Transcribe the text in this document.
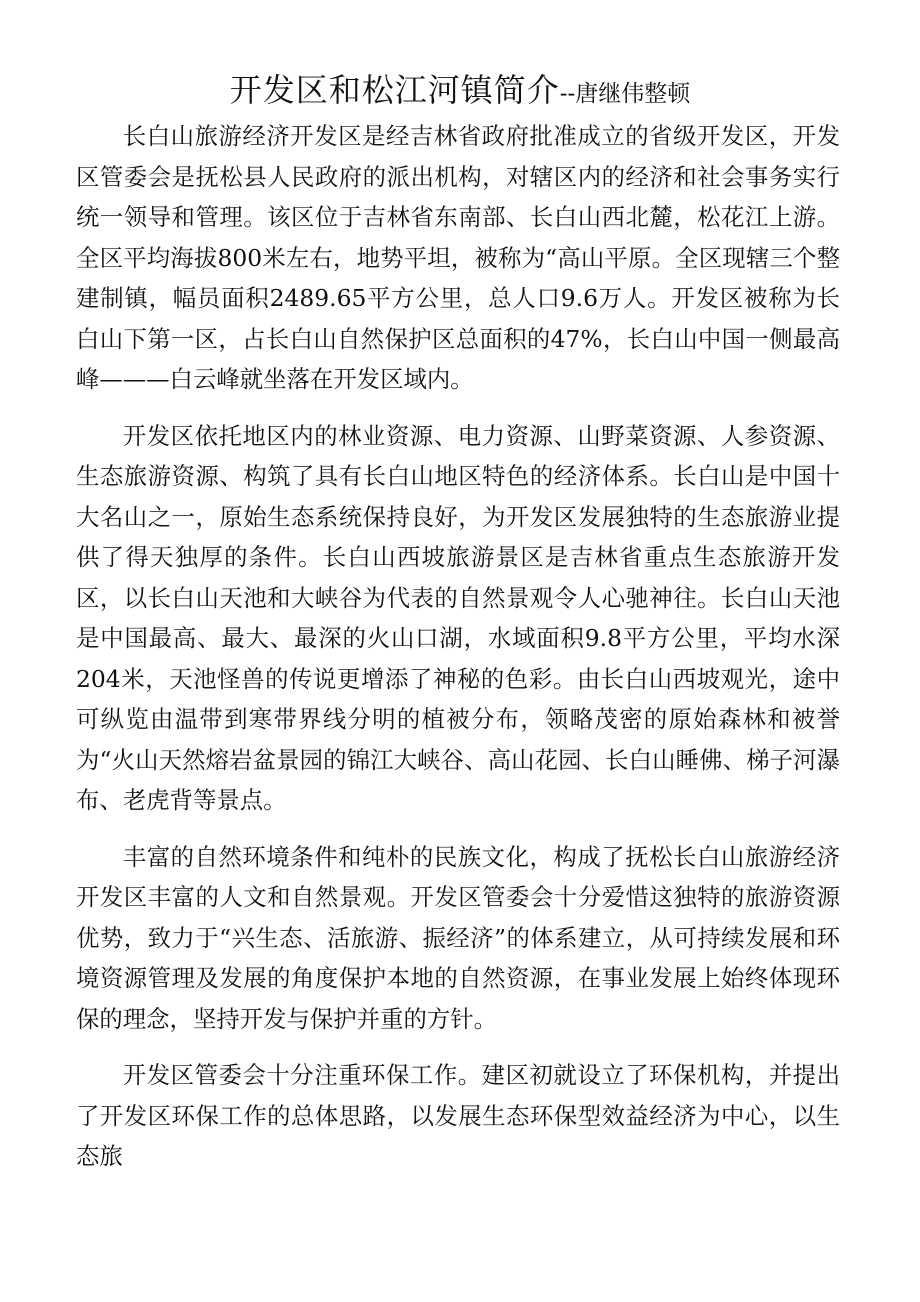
开发区和松江河镇简介--唐继伟整顿

长白山旅游经济开发区是经吉林省政府批准成立的省级开发区，开发区管委会是抚松县人民政府的派出机构，对辖区内的经济和社会事务实行统一领导和管理。该区位于吉林省东南部、长白山西北麓，松花江上游。全区平均海拔800米左右，地势平坦，被称为“高山平原。全区现辖三个整建制镇，幅员面积2489.65平方公里，总人口9.6万人。开发区被称为长白山下第一区，占长白山自然保护区总面积的47%，长白山中国一侧最高峰———白云峰就坐落在开发区域内。

开发区依托地区内的林业资源、电力资源、山野菜资源、人参资源、生态旅游资源、构筑了具有长白山地区特色的经济体系。长白山是中国十大名山之一，原始生态系统保持良好，为开发区发展独特的生态旅游业提供了得天独厚的条件。长白山西坡旅游景区是吉林省重点生态旅游开发区，以长白山天池和大峡谷为代表的自然景观令人心驰神往。长白山天池是中国最高、最大、最深的火山口湖，水域面积9.8平方公里，平均水深204米，天池怪兽的传说更增添了神秘的色彩。由长白山西坡观光，途中可纵览由温带到寒带界线分明的植被分布，领略茂密的原始森林和被誉为“火山天然熔岩盆景园的锦江大峡谷、高山花园、长白山睡佛、梯子河瀑布、老虎背等景点。

丰富的自然环境条件和纯朴的民族文化，构成了抚松长白山旅游经济开发区丰富的人文和自然景观。开发区管委会十分爱惜这独特的旅游资源优势，致力于“兴生态、活旅游、振经济”的体系建立，从可持续发展和环境资源管理及发展的角度保护本地的自然资源，在事业发展上始终体现环保的理念，坚持开发与保护并重的方针。

开发区管委会十分注重环保工作。建区初就设立了环保机构，并提出了开发区环保工作的总体思路，以发展生态环保型效益经济为中心，以生态旅
